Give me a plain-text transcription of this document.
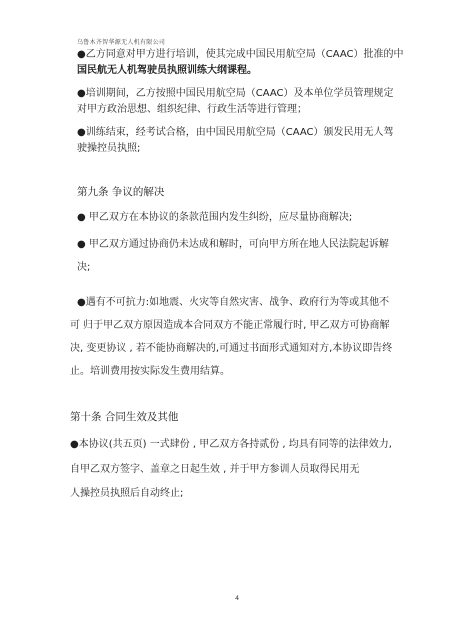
乌鲁木齐智华源无人机有限公司
●乙方同意对甲方进行培训，使其完成中国民用航空局（CAAC）批准的中
国民航无人机驾驶员执照训练大纲课程。
●培训期间，乙方按照中国民用航空局（CAAC）及本单位学员管理规定
对甲方政治思想、组织纪律、行政生活等进行管理；
●训练结束，经考试合格，由中国民用航空局（CAAC）颁发民用无人驾
驶操控员执照;
第九条 争议的解决
● 甲乙双方在本协议的条款范围内发生纠纷，应尽量协商解决;
● 甲乙双方通过协商仍未达成和解时，可向甲方所在地人民法院起诉解
决;
●遇有不可抗力:如地震、火灾等自然灾害、战争、政府行为等或其他不
可 归于甲乙双方原因造成本合同双方不能正常履行时, 甲乙双方可协商解
决, 变更协议 , 若不能协商解决的,可通过书面形式通知对方,本协议即告终
止。培训费用按实际发生费用结算。
第十条 合同生效及其他
●本协议(共五页) 一式肆份 , 甲乙双方各持贰份 , 均具有同等的法律效力,
自甲乙双方签字、盖章之日起生效 , 并于甲方参训人员取得民用无
人操控员执照后自动终止;
4
